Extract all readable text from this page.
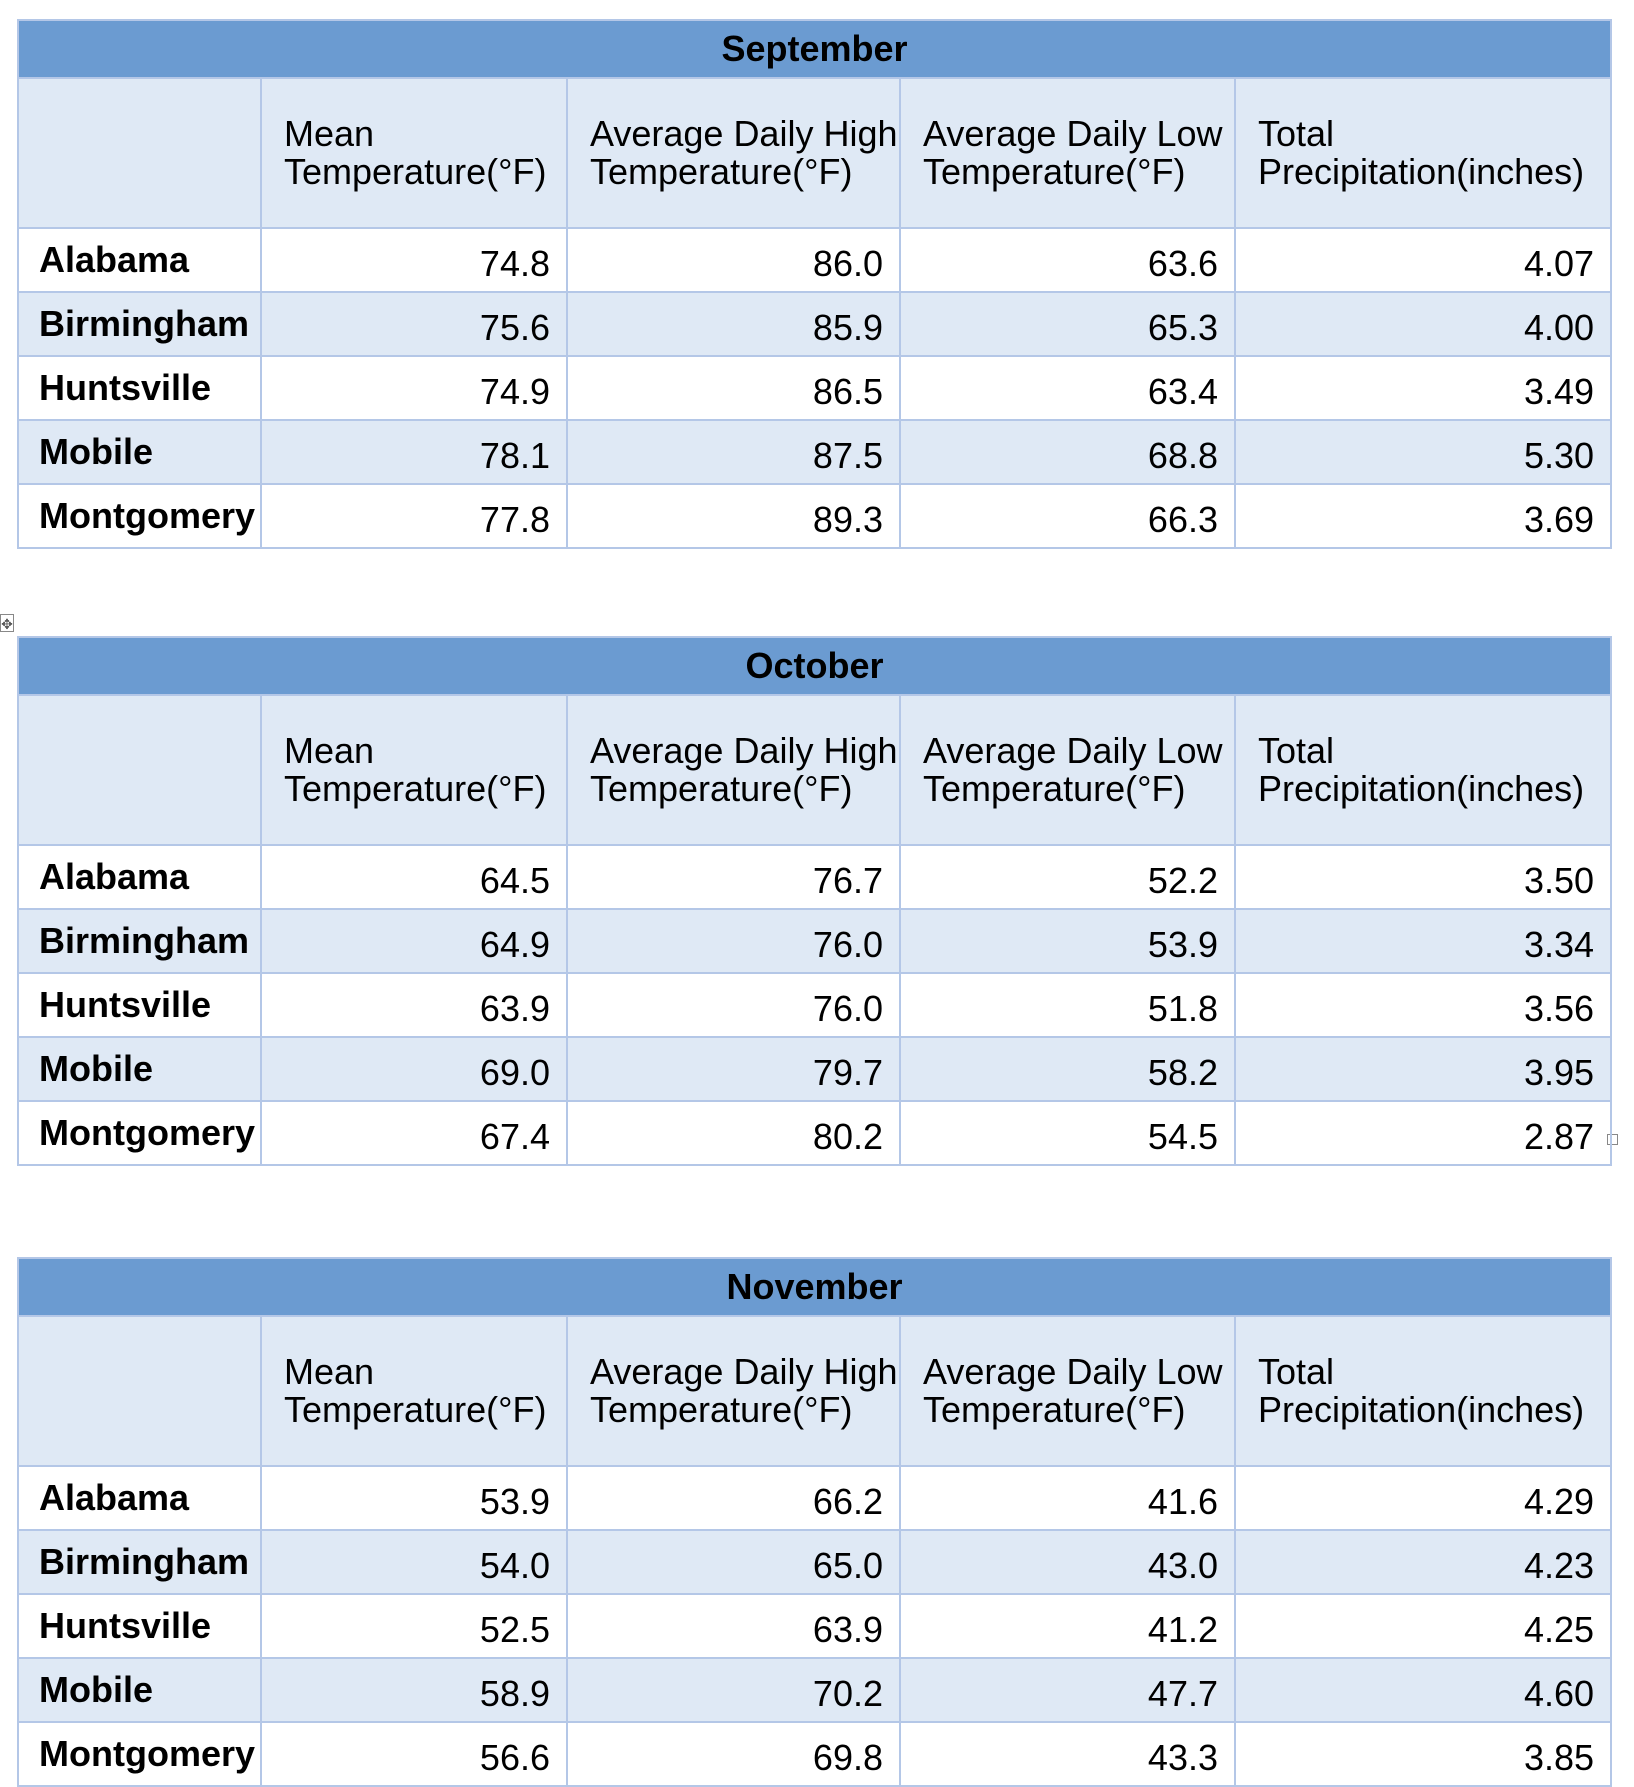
✥
September				
	Mean Temperature(°F)	Average Daily High Temperature(°F)	Average Daily Low Temperature(°F)	Total Precipitation(inches)
Alabama	74.8	86.0	63.6	4.07
Birmingham	75.6	85.9	65.3	4.00
Huntsville	74.9	86.5	63.4	3.49
Mobile	78.1	87.5	68.8	5.30
Montgomery	77.8	89.3	66.3	3.69
October				
	Mean Temperature(°F)	Average Daily High Temperature(°F)	Average Daily Low Temperature(°F)	Total Precipitation(inches)
Alabama	64.5	76.7	52.2	3.50
Birmingham	64.9	76.0	53.9	3.34
Huntsville	63.9	76.0	51.8	3.56
Mobile	69.0	79.7	58.2	3.95
Montgomery	67.4	80.2	54.5	2.87
November				
	Mean Temperature(°F)	Average Daily High Temperature(°F)	Average Daily Low Temperature(°F)	Total Precipitation(inches)
Alabama	53.9	66.2	41.6	4.29
Birmingham	54.0	65.0	43.0	4.23
Huntsville	52.5	63.9	41.2	4.25
Mobile	58.9	70.2	47.7	4.60
Montgomery	56.6	69.8	43.3	3.85
